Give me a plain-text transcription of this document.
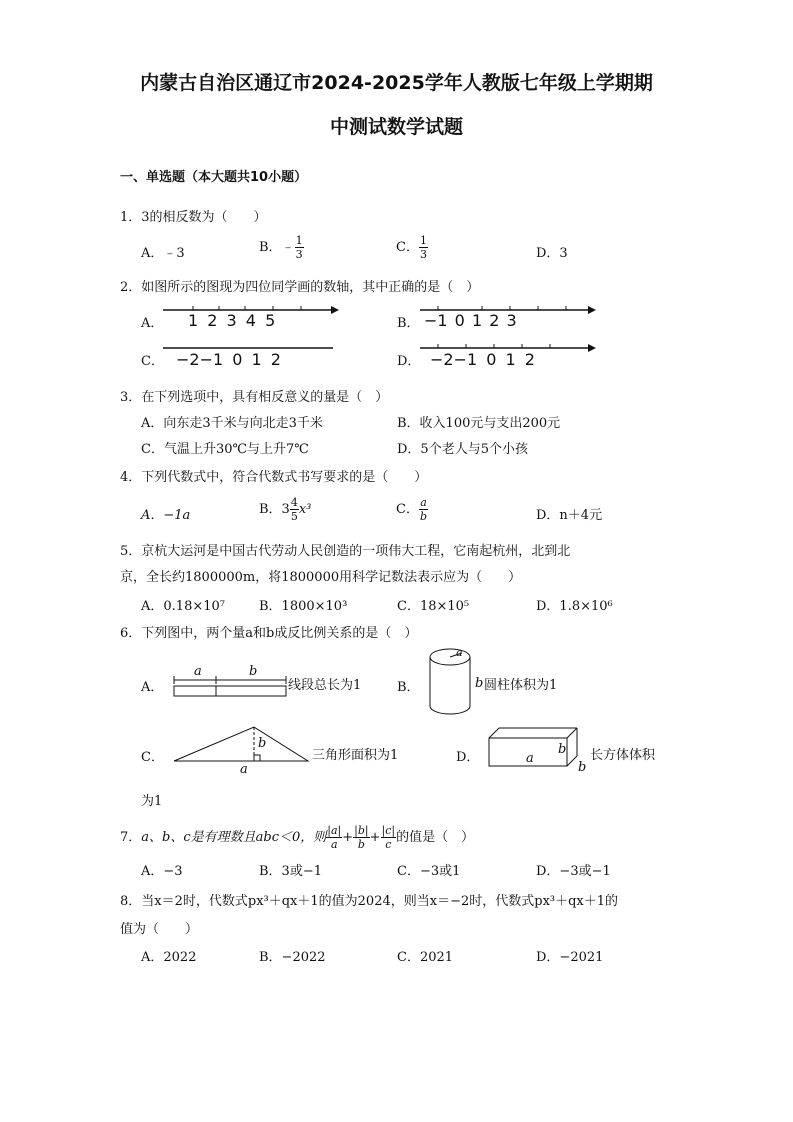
内蒙古自治区通辽市2024-2025学年人教版七年级上学期期
中测试数学试题
一、单选题（本大题共10小题）
1．3的相反数为（　　）
A．﹣3	B．﹣ $\frac{1}{3}$	C． $\frac{1}{3}$	D．3
2．如图所示的图现为四位同学画的数轴，其中正确的是（　）
A． 1 2 3 4 5	B． −1 0 1 2 3
C． −2−1 0 1 2	D． −2−1 0 1 2
3．在下列选项中，具有相反意义的量是（　）
A．向东走3千米与向北走3千米	B．收入100元与支出200元
C．气温上升30℃与上升7℃	D．5个老人与5个小孩
4．下列代数式中，符合代数式书写要求的是（　　）
A．−1a	B．$3 \frac{4}{5} x^3$	C． $\frac{a}{b}$	D．n＋4元
5．京杭大运河是中国古代劳动人民创造的一项伟大工程，它南起杭州，北到北
京，全长约1800000m，将1800000用科学记数法表示应为（　　）
A．0.18×10⁷	B．1800×10³	C．18×10⁵	D．1.8×10⁶
6．下列图中，两个量a和b成反比例关系的是（　）
A．
a	b
线段总长为1	B．
a
b 圆柱体积为1
C．
b
a
三角形面积为1	D．	a
b
b
长方体体积
为1
7．a、b、c是有理数且abc＜0，则 $\frac{|a|}{a} + \frac{|b|}{b} + \frac{|c|}{c}$ 的值是（　）
A．−3	B．3或−1	C．−3或1	D．−3或−1
8．当x＝2时，代数式px³＋qx＋1的值为2024，则当x＝−2时，代数式px³＋qx＋1的
值为（　　）
A．2022	B．−2022	C．2021	D．−2021
